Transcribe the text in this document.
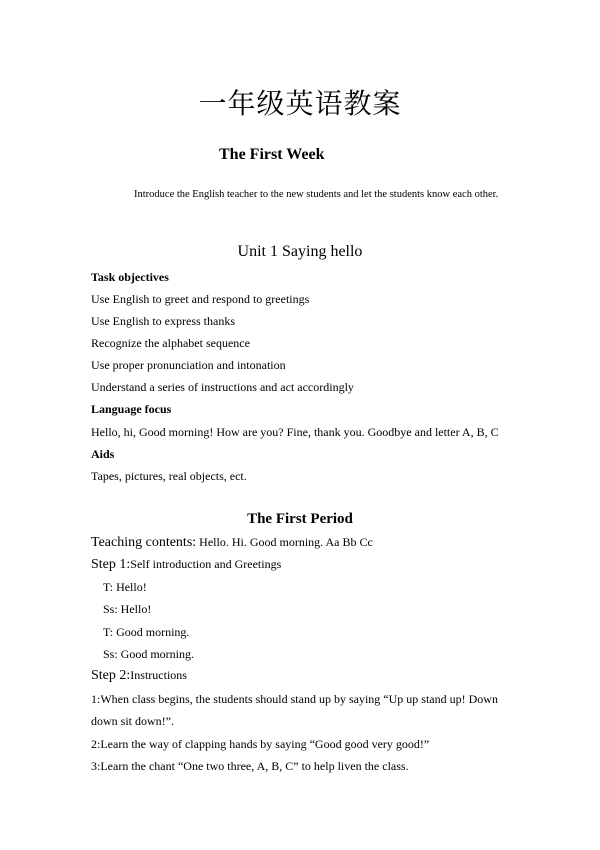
一年级英语教案
The First Week
Introduce the English teacher to the new students and let the students know each other.
Unit 1 Saying hello
Task objectives
Use English to greet and respond to greetings
Use English to express thanks
Recognize the alphabet sequence
Use proper pronunciation and intonation
Understand a series of instructions and act accordingly
Language focus
Hello, hi, Good morning! How are you? Fine, thank you. Goodbye and letter A, B, C
Aids
Tapes, pictures, real objects, ect.
The First Period
Teaching contents: Hello. Hi. Good morning. Aa Bb Cc
Step 1:Self introduction and Greetings
T: Hello!
Ss: Hello!
T: Good morning.
Ss: Good morning.
Step 2:Instructions
1:When class begins, the students should stand up by saying “Up up stand up! Down
down sit down!”.
2:Learn the way of clapping hands by saying “Good good very good!”
3:Learn the chant “One two three, A, B, C” to help liven the class.
